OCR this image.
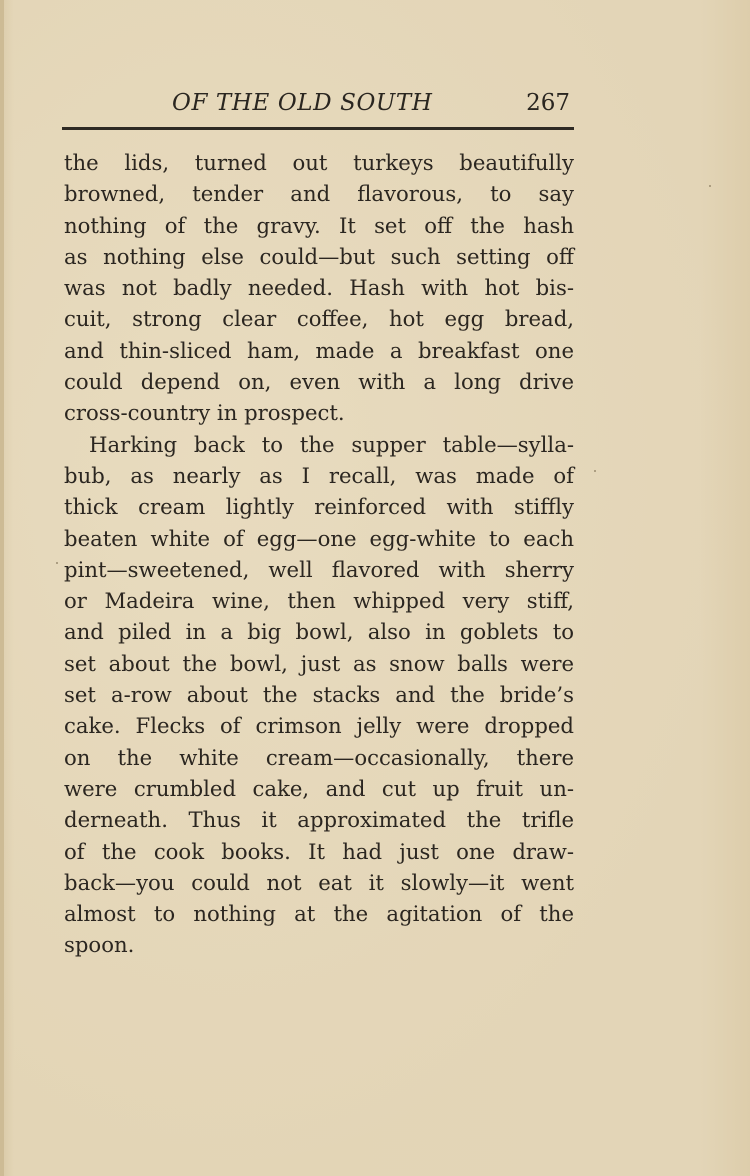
OF THE OLD SOUTH	267
the lids, turned out turkeys beautifully
browned, tender and flavorous, to say
nothing of the gravy. It set off the hash
as nothing else could—but such setting off
was not badly needed. Hash with hot bis-
cuit, strong clear coffee, hot egg bread,
and thin-sliced ham, made a breakfast one
could depend on, even with a long drive
cross-country in prospect.
Harking back to the supper table—sylla-
bub, as nearly as I recall, was made of
thick cream lightly reinforced with stiffly
beaten white of egg—one egg-white to each
pint—sweetened, well flavored with sherry
or Madeira wine, then whipped very stiff,
and piled in a big bowl, also in goblets to
set about the bowl, just as snow balls were
set a-row about the stacks and the bride’s
cake. Flecks of crimson jelly were dropped
on the white cream—occasionally, there
were crumbled cake, and cut up fruit un-
derneath. Thus it approximated the trifle
of the cook books. It had just one draw-
back—you could not eat it slowly—it went
almost to nothing at the agitation of the
spoon.
